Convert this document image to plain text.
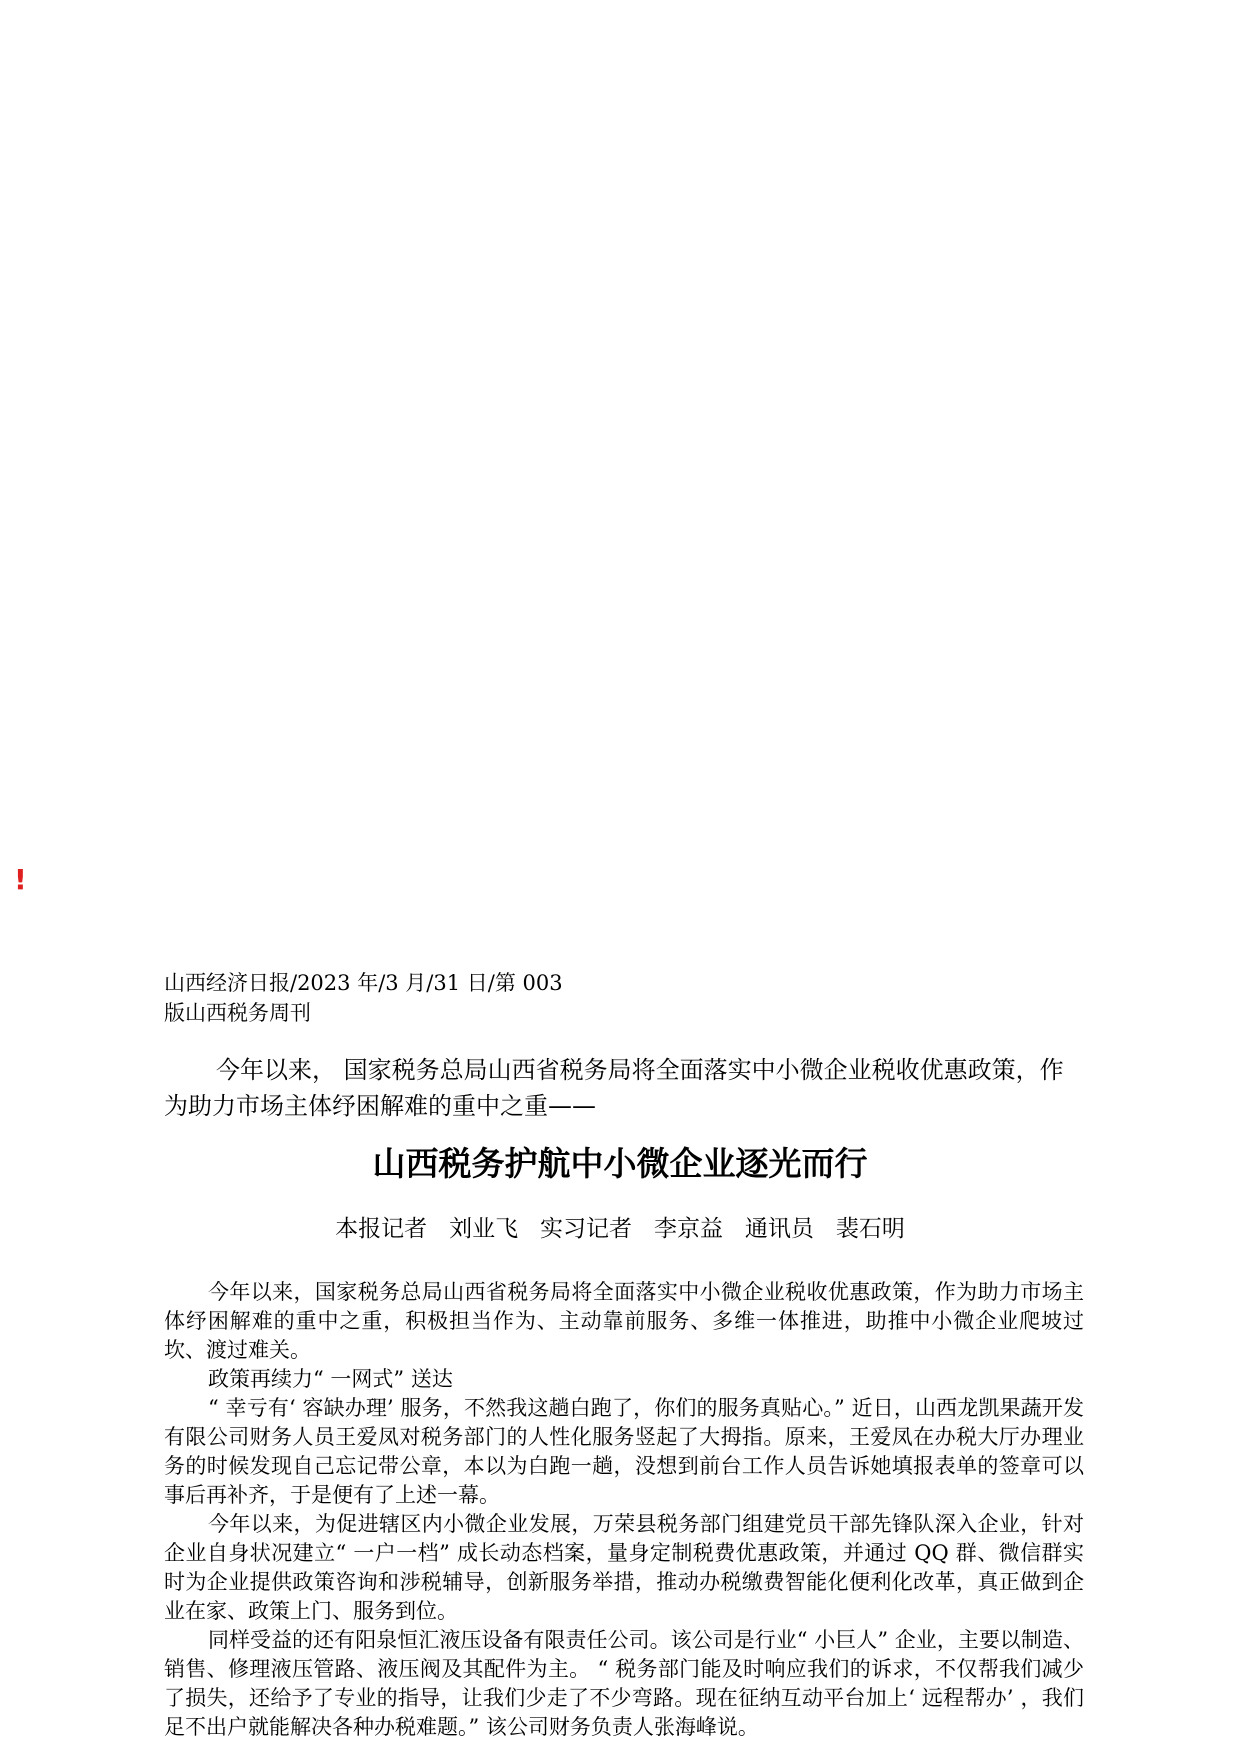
!
山西经济日报/2023 年/3 月/31 日/第 003
版山西税务周刊
今年以来， 国家税务总局山西省税务局将全面落实中小微企业税收优惠政策，作为助力市场主体纾困解难的重中之重——
山西税务护航中小微企业逐光而行
本报记者   刘业飞   实习记者   李京益   通讯员   裴石明

今年以来，国家税务总局山西省税务局将全面落实中小微企业税收优惠政策，作为助力市场主体纾困解难的重中之重，积极担当作为、主动靠前服务、多维一体推进，助推中小微企业爬坡过坎、渡过难关。

政策再续力“ 一网式” 送达

“ 幸亏有‘ 容缺办理’ 服务，不然我这趟白跑了，你们的服务真贴心。” 近日，山西龙凯果蔬开发有限公司财务人员王爱凤对税务部门的人性化服务竖起了大拇指。原来，王爱凤在办税大厅办理业务的时候发现自己忘记带公章，本以为白跑一趟，没想到前台工作人员告诉她填报表单的签章可以事后再补齐，于是便有了上述一幕。

今年以来，为促进辖区内小微企业发展，万荣县税务部门组建党员干部先锋队深入企业，针对企业自身状况建立“ 一户一档” 成长动态档案，量身定制税费优惠政策，并通过 QQ 群、微信群实时为企业提供政策咨询和涉税辅导，创新服务举措，推动办税缴费智能化便利化改革，真正做到企业在家、政策上门、服务到位。

同样受益的还有阳泉恒汇液压设备有限责任公司。该公司是行业“ 小巨人” 企业，主要以制造、销售、修理液压管路、液压阀及其配件为主。 “ 税务部门能及时响应我们的诉求，不仅帮我们减少了损失，还给予了专业的指导，让我们少走了不少弯路。现在征纳互动平台加上‘ 远程帮办’ ，我们足不出户就能解决各种办税难题。” 该公司财务负责人张海峰说。
